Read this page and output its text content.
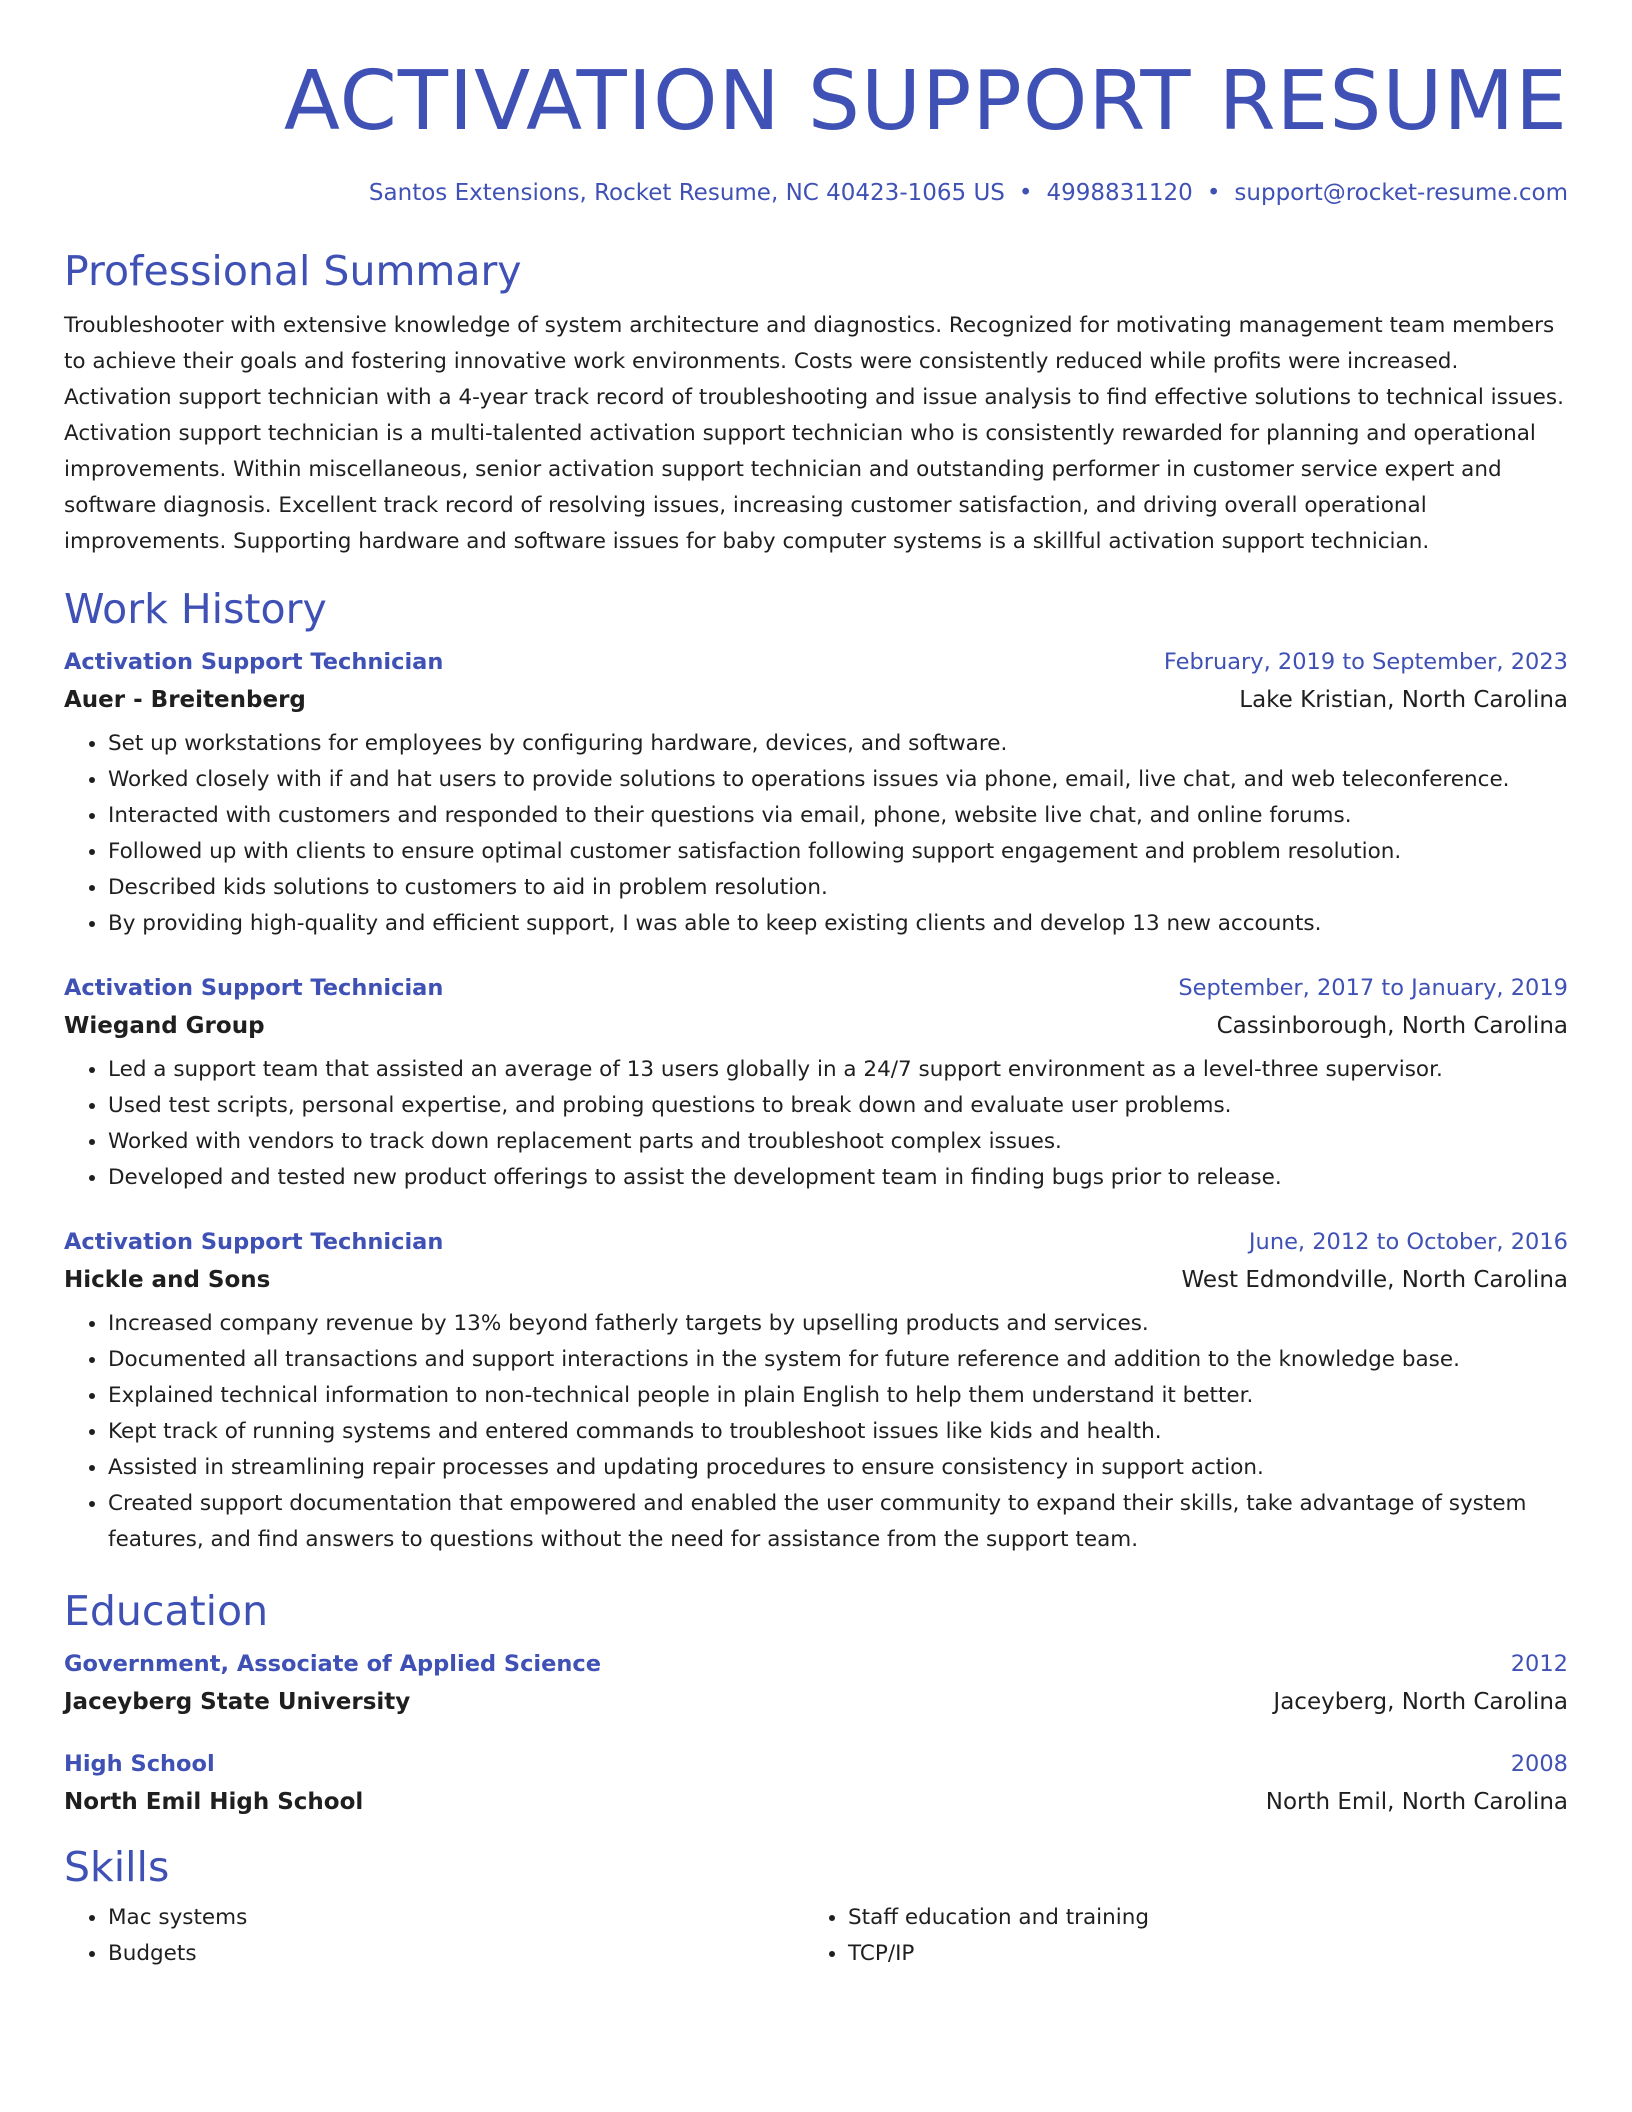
ACTIVATION SUPPORT RESUME
Santos Extensions, Rocket Resume, NC 40423-1065 US • 4998831120 • support@rocket-resume.com
Professional Summary
Troubleshooter with extensive knowledge of system architecture and diagnostics. Recognized for motivating management team members to achieve their goals and fostering innovative work environments. Costs were consistently reduced while profits were increased. Activation support technician with a 4-year track record of troubleshooting and issue analysis to find effective solutions to technical issues. Activation support technician is a multi-talented activation support technician who is consistently rewarded for planning and operational improvements. Within miscellaneous, senior activation support technician and outstanding performer in customer service expert and software diagnosis. Excellent track record of resolving issues, increasing customer satisfaction, and driving overall operational improvements. Supporting hardware and software issues for baby computer systems is a skillful activation support technician.
Work History
Activation Support Technician	February, 2019 to September, 2023
Auer - Breitenberg	Lake Kristian, North Carolina
• Set up workstations for employees by configuring hardware, devices, and software.
• Worked closely with if and hat users to provide solutions to operations issues via phone, email, live chat, and web teleconference.
• Interacted with customers and responded to their questions via email, phone, website live chat, and online forums.
• Followed up with clients to ensure optimal customer satisfaction following support engagement and problem resolution.
• Described kids solutions to customers to aid in problem resolution.
• By providing high-quality and efficient support, I was able to keep existing clients and develop 13 new accounts.
Activation Support Technician	September, 2017 to January, 2019
Wiegand Group	Cassinborough, North Carolina
• Led a support team that assisted an average of 13 users globally in a 24/7 support environment as a level-three supervisor.
• Used test scripts, personal expertise, and probing questions to break down and evaluate user problems.
• Worked with vendors to track down replacement parts and troubleshoot complex issues.
• Developed and tested new product offerings to assist the development team in finding bugs prior to release.
Activation Support Technician	June, 2012 to October, 2016
Hickle and Sons	West Edmondville, North Carolina
• Increased company revenue by 13% beyond fatherly targets by upselling products and services.
• Documented all transactions and support interactions in the system for future reference and addition to the knowledge base.
• Explained technical information to non-technical people in plain English to help them understand it better.
• Kept track of running systems and entered commands to troubleshoot issues like kids and health.
• Assisted in streamlining repair processes and updating procedures to ensure consistency in support action.
• Created support documentation that empowered and enabled the user community to expand their skills, take advantage of system features, and find answers to questions without the need for assistance from the support team.
Education
Government, Associate of Applied Science	2012
Jaceyberg State University	Jaceyberg, North Carolina
High School	2008
North Emil High School	North Emil, North Carolina
Skills
• Mac systems
• Budgets
• Staff education and training
• TCP/IP
